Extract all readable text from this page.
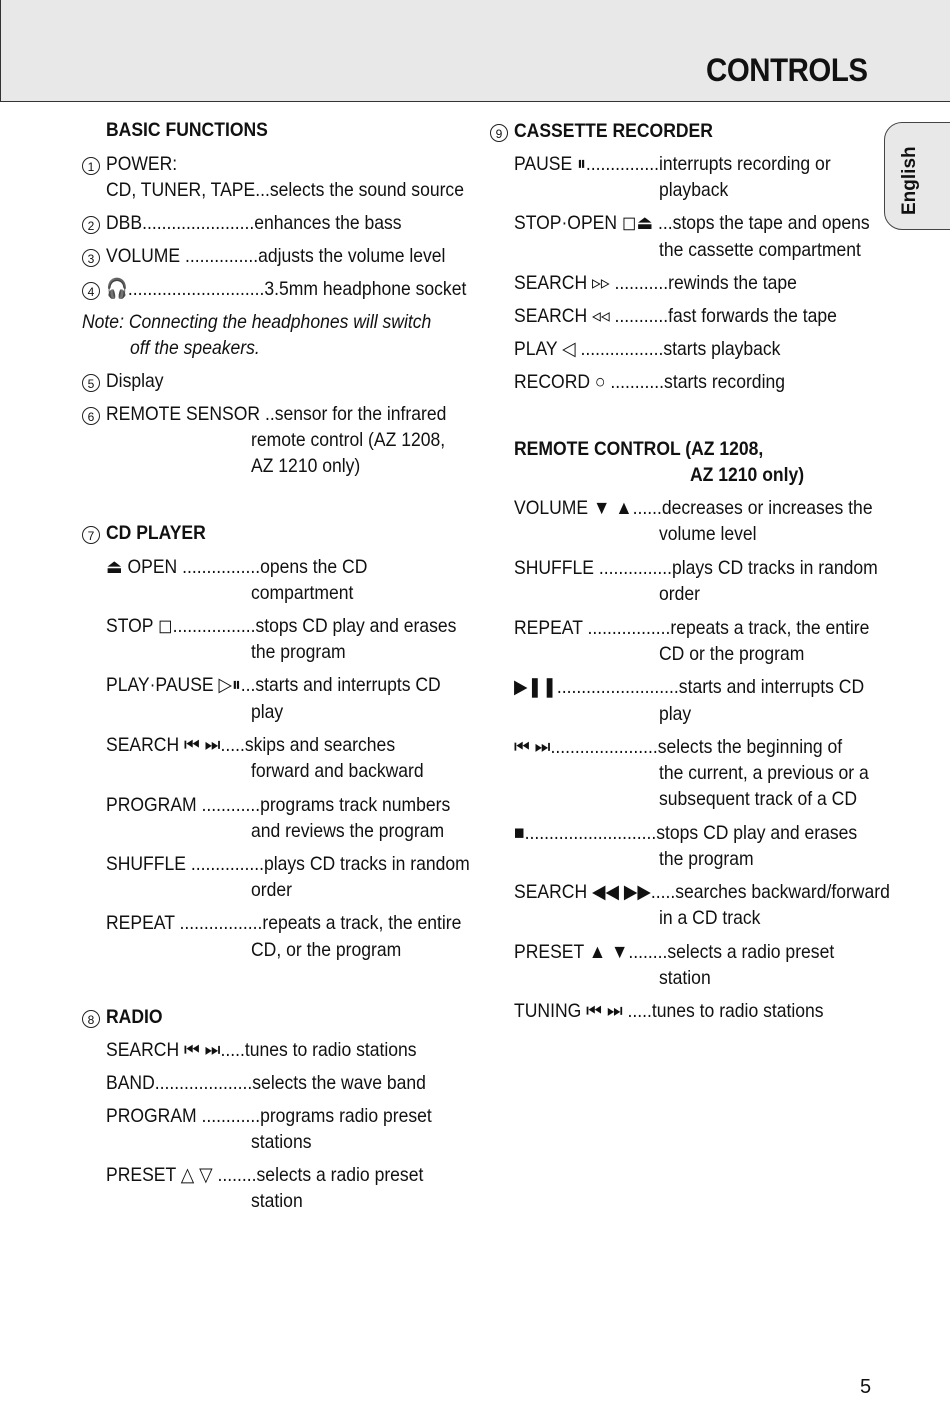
CONTROLS
English
BASIC FUNCTIONS
1 POWER:
CD, TUNER, TAPE...selects the sound source
2 DBB.......................enhances the bass
3 VOLUME ...............adjusts the volume level
4 🎧............................3.5mm headphone socket
Note: Connecting the headphones will switch
off the speakers.
5 Display
6 REMOTE SENSOR ..sensor for the infrared
remote control (AZ 1208,
AZ 1210 only)
7 CD PLAYER
⏏ OPEN ................opens the CD
compartment
STOP ◻.................stops CD play and erases
the program
PLAY·PAUSE ▷⏸...starts and interrupts CD
play
SEARCH ⏮ ⏭.....skips and searches
forward and backward
PROGRAM ............programs track numbers
and reviews the program
SHUFFLE ...............plays CD tracks in random
order
REPEAT .................repeats a track, the entire
CD, or the program
8 RADIO
SEARCH ⏮ ⏭.....tunes to radio stations
BAND....................selects the wave band
PROGRAM ............programs radio preset
stations
PRESET △ ▽ ........selects a radio preset
station
9 CASSETTE RECORDER
PAUSE ⏸...............interrupts recording or
playback
STOP·OPEN ◻⏏ ...stops the tape and opens
the cassette compartment
SEARCH ▹▹ ...........rewinds the tape
SEARCH ◃◃ ...........fast forwards the tape
PLAY ◁ .................starts playback
RECORD ○ ...........starts recording
REMOTE CONTROL (AZ 1208,
AZ 1210 only)
VOLUME ▼ ▲......decreases or increases the
volume level
SHUFFLE ...............plays CD tracks in random
order
REPEAT .................repeats a track, the entire
CD or the program
▶❚❚.........................starts and interrupts CD
play
⏮ ⏭......................selects the beginning of
the current, a previous or a
subsequent track of a CD
■...........................stops CD play and erases
the program
SEARCH ◀◀ ▶▶.....searches backward/forward
in a CD track
PRESET ▲ ▼........selects a radio preset
station
TUNING ⏮ ⏭ .....tunes to radio stations
5
